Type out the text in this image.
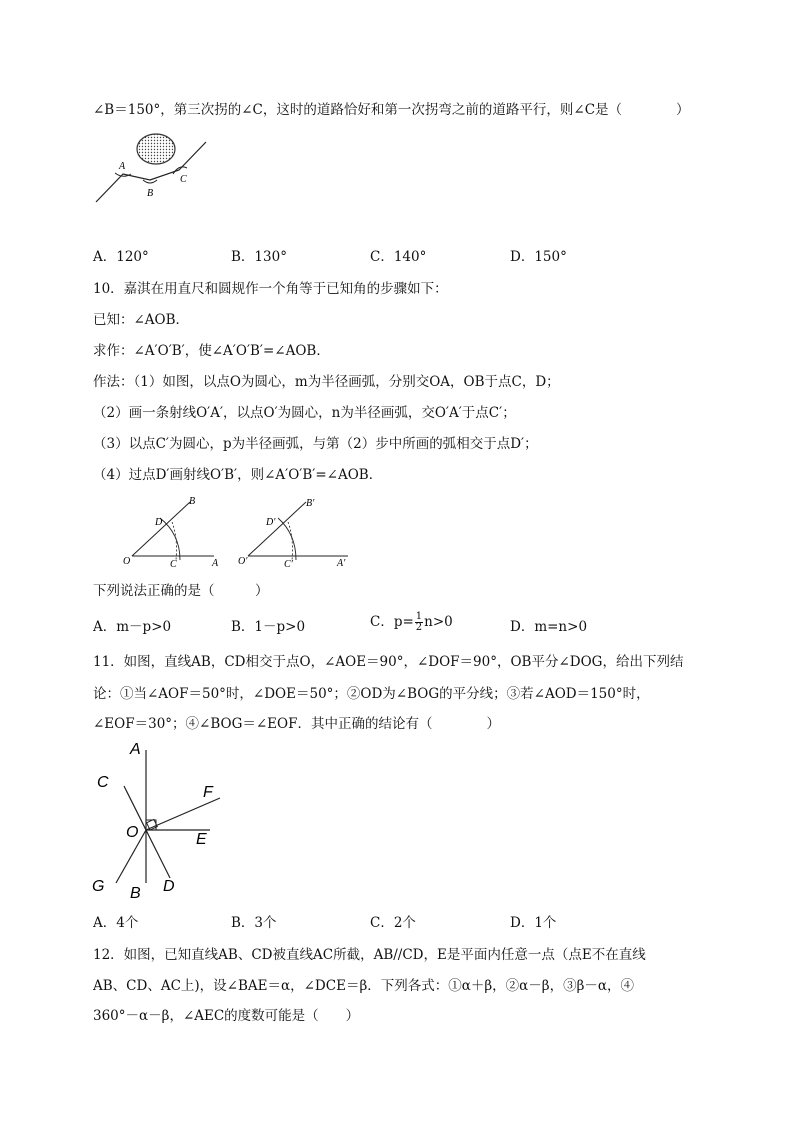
∠B＝150°，第三次拐的∠C，这时的道路恰好和第一次拐弯之前的道路平行，则∠C是（　　　　）
A
B
C
A．120°	B．130°	C．140°	D．150°
10．嘉淇在用直尺和圆规作一个角等于已知角的步骤如下：
已知：∠AOB．
求作：∠A′O′B′，使∠A′O′B′=∠AOB．
作法：（1）如图，以点O为圆心，m为半径画弧，分别交OA，OB于点C，D；
（2）画一条射线O′A′，以点O′为圆心，n为半径画弧，交O′A′于点C′；
（3）以点C′为圆心，p为半径画弧，与第（2）步中所画的弧相交于点D′；
（4）过点D′画射线O′B′，则∠A′O′B′=∠AOB．
O	A
B
C
D
O′	A′
B′
C′
D′
下列说法正确的是（　　　）
A．m－p>0	B．1－p>0	C．$p= \frac{1}{2} n>0$	D．m=n>0
11．如图，直线AB，CD相交于点O，∠AOE＝90°，∠DOF＝90°，OB平分∠DOG，给出下列结
论：①当∠AOF＝50°时，∠DOE＝50°；②OD为∠BOG的平分线；③若∠AOD＝150°时，
∠EOF＝30°；④∠BOG＝∠EOF．其中正确的结论有（　　　　）
A
C
F
O	E
G B D
A．4个	B．3个	C．2个	D．1个
12．如图，已知直线AB、CD被直线AC所截，AB//CD，E是平面内任意一点（点E不在直线
AB、CD、AC上)，设∠BAE＝α，∠DCE＝β．下列各式：①α＋β，②α－β，③β－α，④
360°－α－β，∠AEC的度数可能是（　　）
